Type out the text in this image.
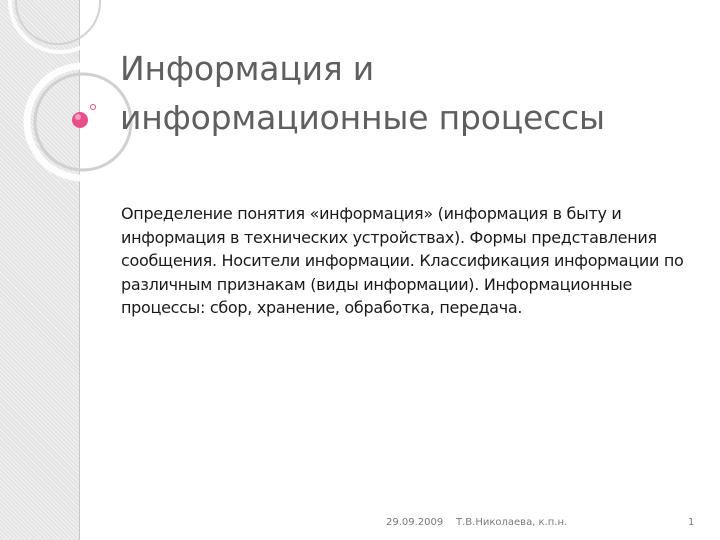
Информация и информационные процессы

Определение понятия «информация» (информация в быту и информация в технических устройствах). Формы представления сообщения. Носители информации. Классификация информации по различным признакам (виды информации). Информационные процессы: сбор, хранение, обработка, передача.

29.09.2009 Т.В.Николаева, к.п.н.	1
